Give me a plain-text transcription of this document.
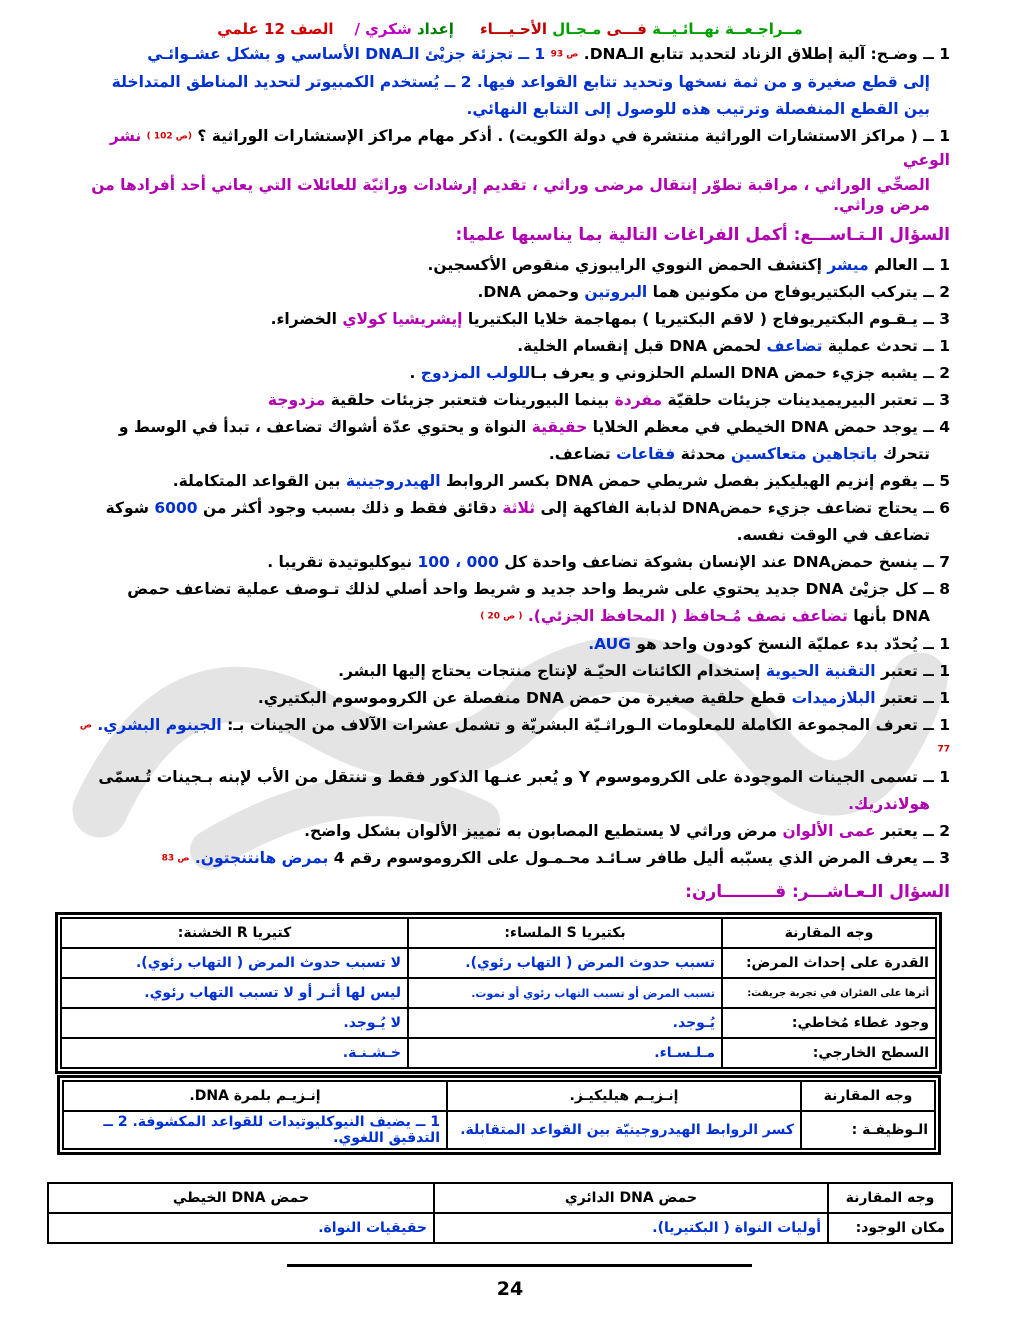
مــراجـعــة نهــائـيــة فـــى مـجـال الأحـيـــاء     إعداد شكري /    الصف 12 علمي
1 ــ وضـح: آلية إطلاق الزناد لتحديد تتابع الـDNA. ص 93 1 ــ تجزئة جزيْئ الـDNA الأساسي و بشكل عشـوائـي
إلى قطع صغيرة و من ثمة نسخها وتحديد تتابع القواعد فيها. 2 ــ يُستخدم الكمبيوتر لتحديد المناطق المتداخلة
بين القطع المنفصلة وترتيب هذه للوصول إلى التتابع النهائي.
1 ــ ( مراكز الاستشارات الوراثية منتشرة في دولة الكويت) . أذكر مهام مراكز الإستشارات الوراثية ؟ (ص 102 ) نشر الوعي
الصحِّي الوراثي ، مراقبة تطوّر إنتقال مرضى وراثي ، تقديم إرشادات وراثيّة للعائلات التي يعاني أحد أفرادها من مرض وراثي.
السؤال الـتـاســـع: أكمل الفراغات التالية بما يناسبها علميا:
1 ــ العالم ميشر إكتشف الحمض النووي الرايبوزي منقوص الأكسجين.
2 ــ يتركب البكتيريوفاج من مكونين هما البروتين وحمض DNA.
3 ــ يـقـوم البكتيريوفاج ( لاقم البكتيريا ) بمهاجمة خلايا البكتيريا إيشريشيا كولاي الخضراء.
1 ــ تحدث عملية تضاعف لحمض DNA قبل إنقسام الخلية.
2 ــ يشبه جزيء حمض DNA السلم الحلزوني و يعرف بـاللولب المزدوج .
3 ــ تعتبر البيريميدينات جزيئات حلقيّة مفردة بينما البيورينات فتعتبر جزيئات حلقية مزدوجة
4 ــ يوجد حمض DNA الخيطي في معظم الخلايا حقيقية النواة و يحتوي عدّة أشواك تضاعف ، تبدأ في الوسط و
تتحرك باتجاهين متعاكسين محدثة فقاعات تضاعف.
5 ــ يقوم إنزيم الهيليكيز بفصل شريطي حمض DNA بكسر الروابط الهيدروجينية بين القواعد المتكاملة.
6 ــ يحتاج تضاعف جزيء حمضDNA لذبابة الفاكهة إلى ثلاثة دقائق فقط و ذلك بسبب وجود أكثر من 6000 شوكة
تضاعف في الوقت نفسه.
7 ــ ينسخ حمضDNA عند الإنسان بشوكة تضاعف واحدة كل 000 ، 100 نيوكليوتيدة تقريبا .
8 ــ كل جزيْئ DNA جديد يحتوي على شريط واحد جديد و شريط واحد أصلي لذلك تـوصف عملية تضاعف حمض
DNA بأنها تضاعف نصف مُـحافظ ( المحافظ الجزئي). ( ص 20 )
1 ــ يُحدّد بدء عمليّة النسخ كودون واحد هو AUG.
1 ــ تعتبر التقنية الحيوية إستخدام الكائنات الحيّـة لإنتاج منتجات يحتاج إليها البشر.
1 ــ تعتبر البلازميدات قطع حلقية صغيرة من حمض DNA منفصلة عن الكروموسوم البكتيري.
1 ــ تعرف المجموعة الكاملة للمعلومات الـوراثـيّة البشريّة و تشمل عشرات الآلاف من الجينات بـ: الجينوم البشري. ص 77
1 ــ تسمى الجينات الموجودة على الكروموسوم Y و يُعبر عنـها الذكور فقط و تنتقل من الأب لإبنه بـجينات تُـسمّى
هولاندريك.
2 ــ يعتبر عمى الألوان مرض وراثي لا يستطيع المصابون به تمييز الألوان بشكل واضح.
3 ــ يعرف المرض الذي يسبّبه أليل طافر سـائـد محـمـول على الكروموسوم رقم 4 بمرض هانتنجتون. ص 83
السؤال الـعـاشـــر: قـــــــــارن:
وجه المقارنة	بكتيريا S الملساء:	كتيريا R الخشنة:
القدرة على إحداث المرض:	تسبب حدوث المرض ( التهاب رئوي).	لا تسبب حدوث المرض ( التهاب رئوي).
أثرها على الفئران في تجربة جريفث:	تسبب المرض أو تسبب التهاب رئوي أو تموت.	ليس لها أثـر أو لا تسبب التهاب رئوي.
وجود غطاء مُخاطي:	يُـوجد.	لا يُـوجد.
السطح الخارجي:	مـلـسـاء.	خـشـنـة.
وجه المقارنة	إنـزيـم هيليكيـز.	إنـزيـم بلمرة DNA.
الـوظيفـة :	كسر الروابط الهيدروجينيّة بين القواعد المتقابلة.	1 ــ يضيف النيوكليوتيدات للقواعد المكشوفة. 2 ــ التدقيق اللغوي.
وجه المقارنة	حمض DNA الدائري	حمض DNA الخيطي
مكان الوجود:	أوليات النواة ( البكتيريا).	حقيقيات النواة.
24
